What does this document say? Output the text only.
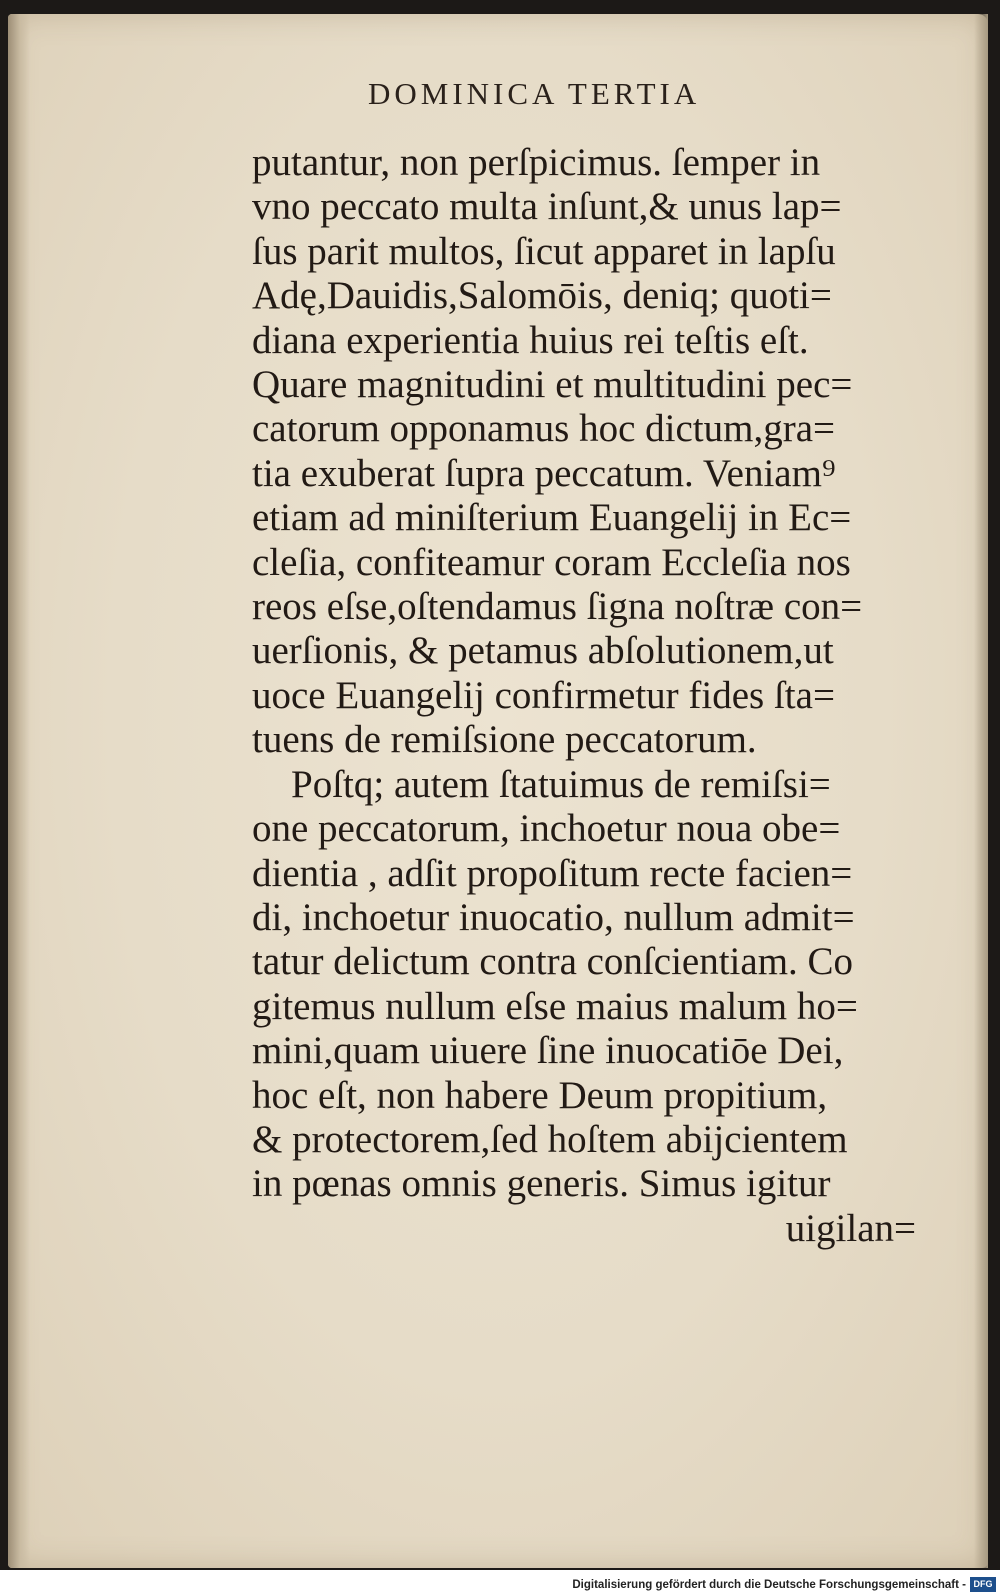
DOMINICA TERTIA
putantur, non perſpicimus. ſemper in
vno peccato multa inſunt,& unus lap=
ſus parit multos, ſicut apparet in lapſu
Adę,Dauidis,Salomōis, deniq; quoti=
diana experientia huius rei teſtis eſt.
Quare magnitudini et multitudini pec=
catorum opponamus hoc dictum,gra=
tia exuberat ſupra peccatum. Veniam⁹
etiam ad miniſterium Euangelij in Ec=
cleſia, confiteamur coram Eccleſia nos
reos eſse,oſtendamus ſigna noſtræ con=
uerſionis, & petamus abſolutionem,ut
uoce Euangelij confirmetur fides ſta=
tuens de remiſsione peccatorum.
Poſtq; autem ſtatuimus de remiſsi=
one peccatorum, inchoetur noua obe=
dientia , adſit propoſitum recte facien=
di, inchoetur inuocatio, nullum admit=
tatur delictum contra conſcientiam. Co
gitemus nullum eſse maius malum ho=
mini,quam uiuere ſine inuocatiōe Dei,
hoc eſt, non habere Deum propitium,
& protectorem,ſed hoſtem abijcientem
in pœnas omnis generis. Simus igitur
uigilan=
Digitalisierung gefördert durch die Deutsche Forschungsgemeinschaft - DFG
